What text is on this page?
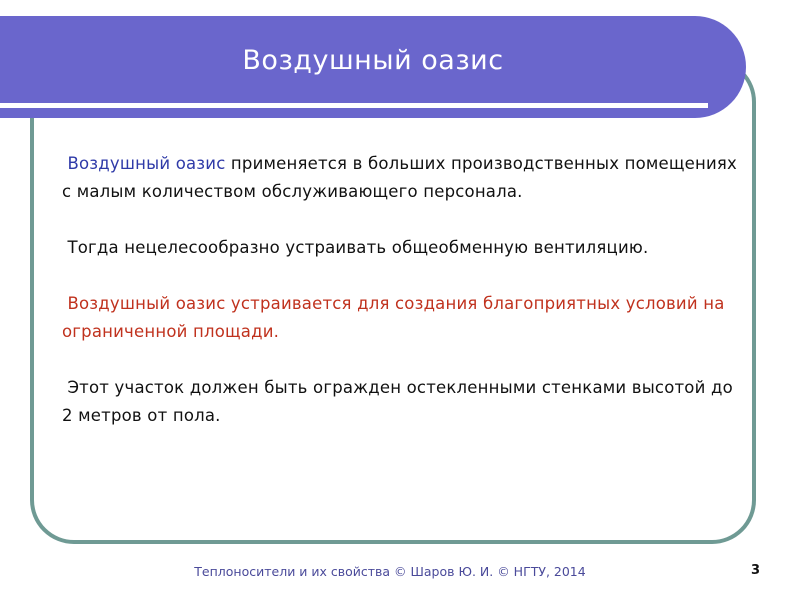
Воздушный оазис

Воздушный оазис применяется в больших производственных помещениях с малым количеством обслуживающего персонала.

Тогда нецелесообразно устраивать общеобменную вентиляцию.

Воздушный оазис устраивается для создания благоприятных условий на ограниченной площади.

Этот участок должен быть огражден остекленными стенками высотой до 2 метров от пола.

Теплоносители и их свойства © Шаров Ю. И. © НГТУ, 2014	3
